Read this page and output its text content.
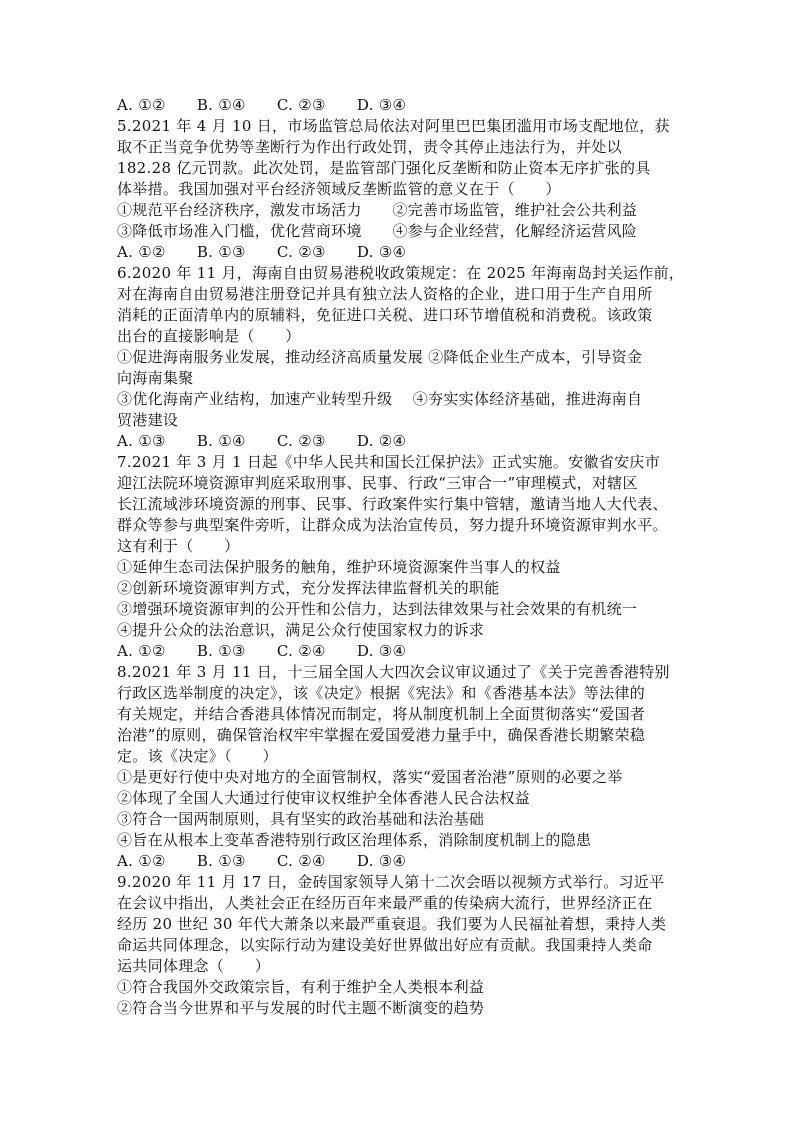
A. ①② B. ①④ C. ②③ D. ③④
5.2021 年 4 月 10 日，市场监管总局依法对阿里巴巴集团滥用市场支配地位，获
取不正当竞争优势等垄断行为作出行政处罚，责令其停止违法行为，并处以
182.28 亿元罚款。此次处罚，是监管部门强化反垄断和防止资本无序扩张的具
体举措。我国加强对平台经济领域反垄断监管的意义在于（　　）
①规范平台经济秩序，激发市场活力　　②完善市场监管，维护社会公共利益
③降低市场准入门槛，优化营商环境　　④参与企业经营，化解经济运营风险
A. ①② B. ①③ C. ②③ D. ③④
6.2020 年 11 月，海南自由贸易港税收政策规定：在 2025 年海南岛封关运作前，
对在海南自由贸易港注册登记并具有独立法人资格的企业，进口用于生产自用所
消耗的正面清单内的原辅料，免征进口关税、进口环节增值税和消费税。该政策
出台的直接影响是（　　）
①促进海南服务业发展，推动经济高质量发展 ②降低企业生产成本，引导资金
向海南集聚
③优化海南产业结构，加速产业转型升级　 ④夯实实体经济基础，推进海南自
贸港建设
A. ①③ B. ①④ C. ②③ D. ②④
7.2021 年 3 月 1 日起《中华人民共和国长江保护法》正式实施。安徽省安庆市
迎江法院环境资源审判庭采取刑事、民事、行政“三审合一”审理模式，对辖区
长江流域涉环境资源的刑事、民事、行政案件实行集中管辖，邀请当地人大代表、
群众等参与典型案件旁听，让群众成为法治宣传员，努力提升环境资源审判水平。
这有利于（　　）
①延伸生态司法保护服务的触角，维护环境资源案件当事人的权益
②创新环境资源审判方式，充分发挥法律监督机关的职能
③增强环境资源审判的公开性和公信力，达到法律效果与社会效果的有机统一
④提升公众的法治意识，满足公众行使国家权力的诉求
A. ①② B. ①③ C. ②④ D. ③④
8.2021 年 3 月 11 日，十三届全国人大四次会议审议通过了《关于完善香港特别
行政区选举制度的决定》，该《决定》根据《宪法》和《香港基本法》等法律的
有关规定，并结合香港具体情况而制定，将从制度机制上全面贯彻落实“爱国者
治港”的原则，确保管治权牢牢掌握在爱国爱港力量手中，确保香港长期繁荣稳
定。该《决定》（　　）
①是更好行使中央对地方的全面管制权，落实“爱国者治港”原则的必要之举
②体现了全国人大通过行使审议权维护全体香港人民合法权益
③符合一国两制原则，具有坚实的政治基础和法治基础
④旨在从根本上变革香港特别行政区治理体系，消除制度机制上的隐患
A. ①② B. ①③ C. ②④ D. ③④
9.2020 年 11 月 17 日，金砖国家领导人第十二次会晤以视频方式举行。习近平
在会议中指出，人类社会正在经历百年来最严重的传染病大流行，世界经济正在
经历 20 世纪 30 年代大萧条以来最严重衰退。我们要为人民福祉着想，秉持人类
命运共同体理念，以实际行动为建设美好世界做出好应有贡献。我国秉持人类命
运共同体理念（　　）
①符合我国外交政策宗旨，有利于维护全人类根本利益
②符合当今世界和平与发展的时代主题不断演变的趋势
